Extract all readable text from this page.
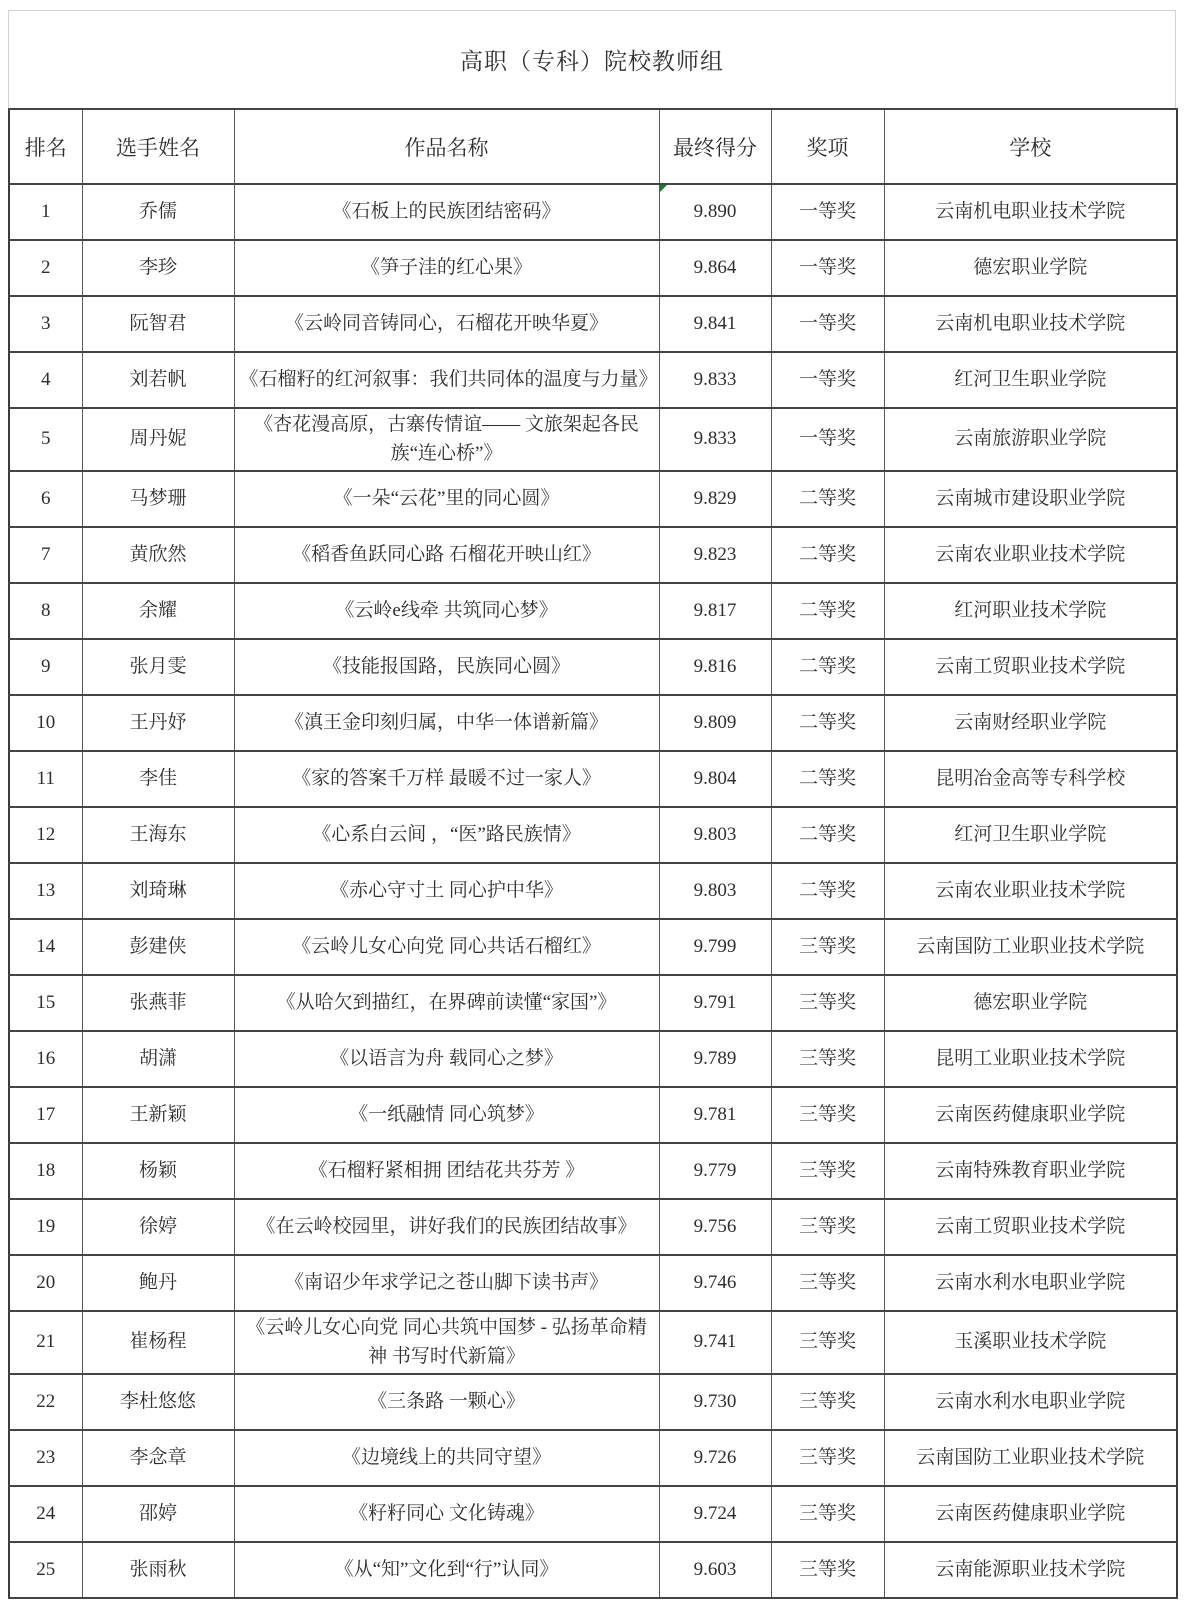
高职（专科）院校教师组
排名	选手姓名	作品名称	最终得分	奖项	学校
1	乔儒	《石板上的民族团结密码》	9.890	一等奖	云南机电职业技术学院
2	李珍	《笋子洼的红心果》	9.864	一等奖	德宏职业学院
3	阮智君	《云岭同音铸同心，石榴花开映华夏》	9.841	一等奖	云南机电职业技术学院
4	刘若帆	《石榴籽的红河叙事：我们共同体的温度与力量》	9.833	一等奖	红河卫生职业学院
5	周丹妮	《杏花漫高原，古寨传情谊—— 文旅架起各民族“连心桥”》	9.833	一等奖	云南旅游职业学院
6	马梦珊	《一朵“云花”里的同心圆》	9.829	二等奖	云南城市建设职业学院
7	黄欣然	《稻香鱼跃同心路 石榴花开映山红》	9.823	二等奖	云南农业职业技术学院
8	余耀	《云岭e线牵 共筑同心梦》	9.817	二等奖	红河职业技术学院
9	张月雯	《技能报国路，民族同心圆》	9.816	二等奖	云南工贸职业技术学院
10	王丹妤	《滇王金印刻归属，中华一体谱新篇》	9.809	二等奖	云南财经职业学院
11	李佳	《家的答案千万样 最暖不过一家人》	9.804	二等奖	昆明冶金高等专科学校
12	王海东	《心系白云间 ，“医”路民族情》	9.803	二等奖	红河卫生职业学院
13	刘琦琳	《赤心守寸土 同心护中华》	9.803	二等奖	云南农业职业技术学院
14	彭建侠	《云岭儿女心向党 同心共话石榴红》	9.799	三等奖	云南国防工业职业技术学院
15	张燕菲	《从哈欠到描红，在界碑前读懂“家国”》	9.791	三等奖	德宏职业学院
16	胡潇	《以语言为舟 载同心之梦》	9.789	三等奖	昆明工业职业技术学院
17	王新颖	《一纸融情 同心筑梦》	9.781	三等奖	云南医药健康职业学院
18	杨颖	《石榴籽紧相拥 团结花共芬芳 》	9.779	三等奖	云南特殊教育职业学院
19	徐婷	《在云岭校园里，讲好我们的民族团结故事》	9.756	三等奖	云南工贸职业技术学院
20	鲍丹	《南诏少年求学记之苍山脚下读书声》	9.746	三等奖	云南水利水电职业学院
21	崔杨程	《云岭儿女心向党 同心共筑中国梦 - 弘扬革命精神 书写时代新篇》	9.741	三等奖	玉溪职业技术学院
22	李杜悠悠	《三条路 一颗心》	9.730	三等奖	云南水利水电职业学院
23	李念章	《边境线上的共同守望》	9.726	三等奖	云南国防工业职业技术学院
24	邵婷	《籽籽同心 文化铸魂》	9.724	三等奖	云南医药健康职业学院
25	张雨秋	《从“知”文化到“行”认同》	9.603	三等奖	云南能源职业技术学院
